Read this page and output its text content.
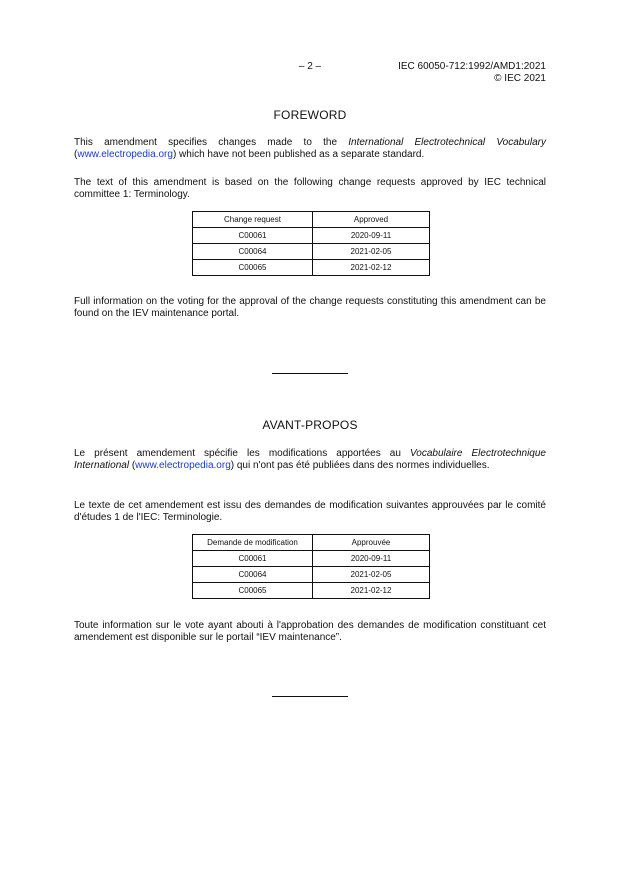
– 2 –	IEC 60050-712:1992/AMD1:2021
© IEC 2021
FOREWORD

This amendment specifies changes made to the International Electrotechnical Vocabulary (www.electropedia.org) which have not been published as a separate standard.

The text of this amendment is based on the following change requests approved by IEC technical committee 1: Terminology.

Change request	Approved
C00061	2020-09-11
C00064	2021-02-05
C00065	2021-02-12

Full information on the voting for the approval of the change requests constituting this amendment can be found on the IEV maintenance portal.

AVANT-PROPOS

Le présent amendement spécifie les modifications apportées au Vocabulaire Electrotechnique International (www.electropedia.org) qui n'ont pas été publiées dans des normes individuelles.

Le texte de cet amendement est issu des demandes de modification suivantes approuvées par le comité d'études 1 de l'IEC: Terminologie.

Demande de modification	Approuvée
C00061	2020-09-11
C00064	2021-02-05
C00065	2021-02-12

Toute information sur le vote ayant abouti à l'approbation des demandes de modification constituant cet amendement est disponible sur le portail “IEV maintenance”.
